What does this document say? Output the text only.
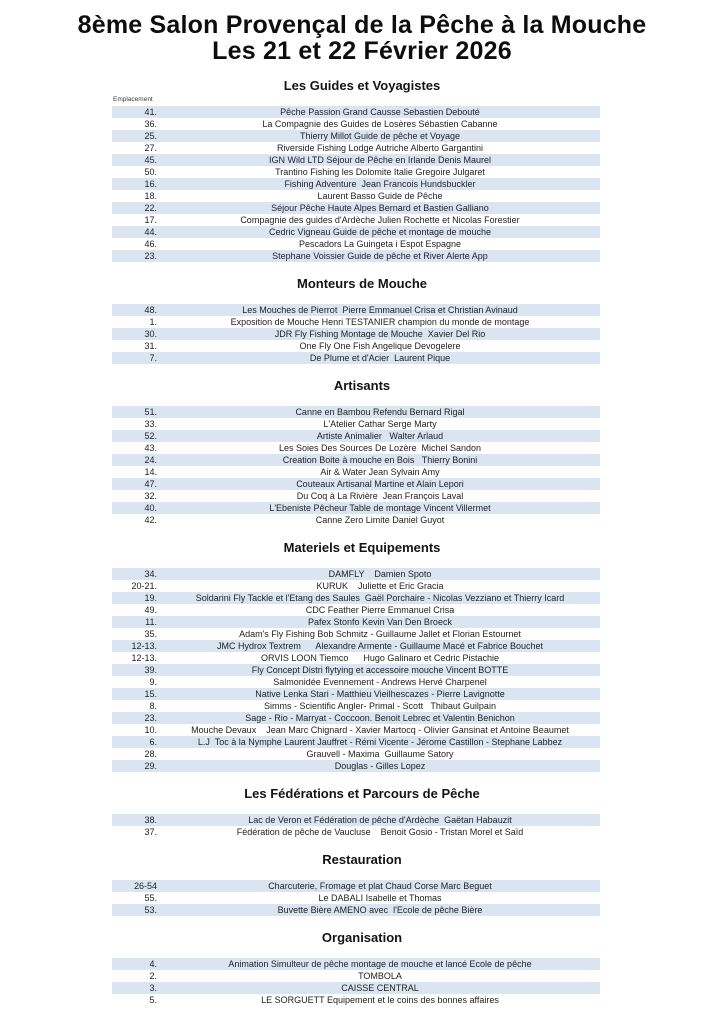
8ème Salon Provençal de la Pêche à la Mouche
Les 21 et 22 Février 2026
Les Guides et Voyagistes
Emplacement
41.	Pêche Passion Grand Causse Sebastien Debouté
36.	La Compagnie des Guides de Losères Sébastien Cabanne
25.	Thierry Millot Guide de pêche et Voyage
27.	Riverside Fishing Lodge Autriche Alberto Gargantini
45.	IGN Wild LTD Séjour de Pêche en Irlande Denis Maurel
50.	Trantino Fishing les Dolomite Italie Gregoire Julgaret
16.	Fishing Adventure  Jean Francois Hundsbuckler
18.	Laurent Basso Guide de Pêche
22.	Séjour Pêche Haute Alpes Bernard et Bastien Galliano
17.	Compagnie des guides d'Ardèche Julien Rochette et Nicolas Forestier
44.	Cedric Vigneau Guide de pêche et montage de mouche
46.	Pescadors La Guingeta i Espot Espagne
23.	Stephane Voissier Guide de pêche et River Alerte App
Monteurs de Mouche
48.	Les Mouches de Pierrot  Pierre Emmanuel Crisa et Christian Avinaud
1.	Exposition de Mouche Henri TESTANIER champion du monde de montage
30.	JDR Fly Fishing Montage de Mouche  Xavier Del Rio
31.	One Fly One Fish Angelique Devogelere
7.	De Plume et d'Acier  Laurent Pique
Artisants
51.	Canne en Bambou Refendu Bernard Rigal
33.	L'Atelier Cathar Serge Marty
52.	Artiste Animalier   Walter Arlaud
43.	Les Soies Des Sources De Lozère  Michel Sandon
24.	Creation Boite à mouche en Bois   Thierry Bonini
14.	Air & Water Jean Sylvain Amy
47.	Couteaux Artisanal Martine et Alain Lepori
32.	Du Coq à La Rivière  Jean François Laval
40.	L'Ebeniste Pêcheur Table de montage Vincent Villermet
42.	Canne Zero Limite Daniel Guyot
Materiels et Equipements
34.	DAMFLY    Damien Spoto
20-21.	KURUK    Juliette et Eric Gracia
19.	Soldarini Fly Tackle et l'Etang des Saules  Gaël Porchaire - Nicolas Vezziano et Thierry Icard
49.	CDC Feather Pierre Emmanuel Crisa
11.	Pafex Stonfo Kevin Van Den Broeck
35.	Adam's Fly Fishing Bob Schmitz - Guillaume Jallet et Florian Estournet
12-13.	JMC Hydrox Textrem      Alexandre Armente - Guillaume Macé et Fabrice Bouchet
12-13.	ORVIS LOON Tiemco      Hugo Galinaro et Cedric Pistachie
39.	Fly Concept Distri flytying et accessoire mouche Vincent BOTTE
9.	Salmonidée Evennement - Andrews Hervé Charpenel
15.	Native Lenka Stari - Matthieu Vieilhescazes - Pierre Lavignotte
8.	Simms - Scientific Angler- Primal - Scott   Thibaut Guilpain
23.	Sage - Rio - Marryat - Coccoon. Benoit Lebrec et Valentin Benichon
10.	Mouche Devaux    Jean Marc Chignard - Xavier Martocq - Olivier Gansinat et Antoine Beaumet
6.	L.J  Toc à la Nymphe Laurent Jauffret - Rémi Vicente - Jérome Castillon - Stephane Labbez
28.	Grauvell - Maxima  Guillaume Satory
29.	Douglas - Gilles Lopez
Les Fédérations et Parcours de Pêche
38.	Lac de Veron et Fédération de pêche d'Ardèche  Gaëtan Habauzit
37.	Fédération de pêche de Vaucluse    Benoit Gosio - Tristan Morel et Saïd
Restauration
26-54	Charcuterie, Fromage et plat Chaud Corse Marc Beguet
55.	Le DABALI Isabelle et Thomas
53.	Buvette Bière AMENO avec  l'Ecole de pêche Bière
Organisation
4.	Animation Simulteur de pêche montage de mouche et lancé Ecole de pêche
2.	TOMBOLA
3.	CAISSE CENTRAL
5.	LE SORGUETT Equipement et le coins des bonnes affaires
